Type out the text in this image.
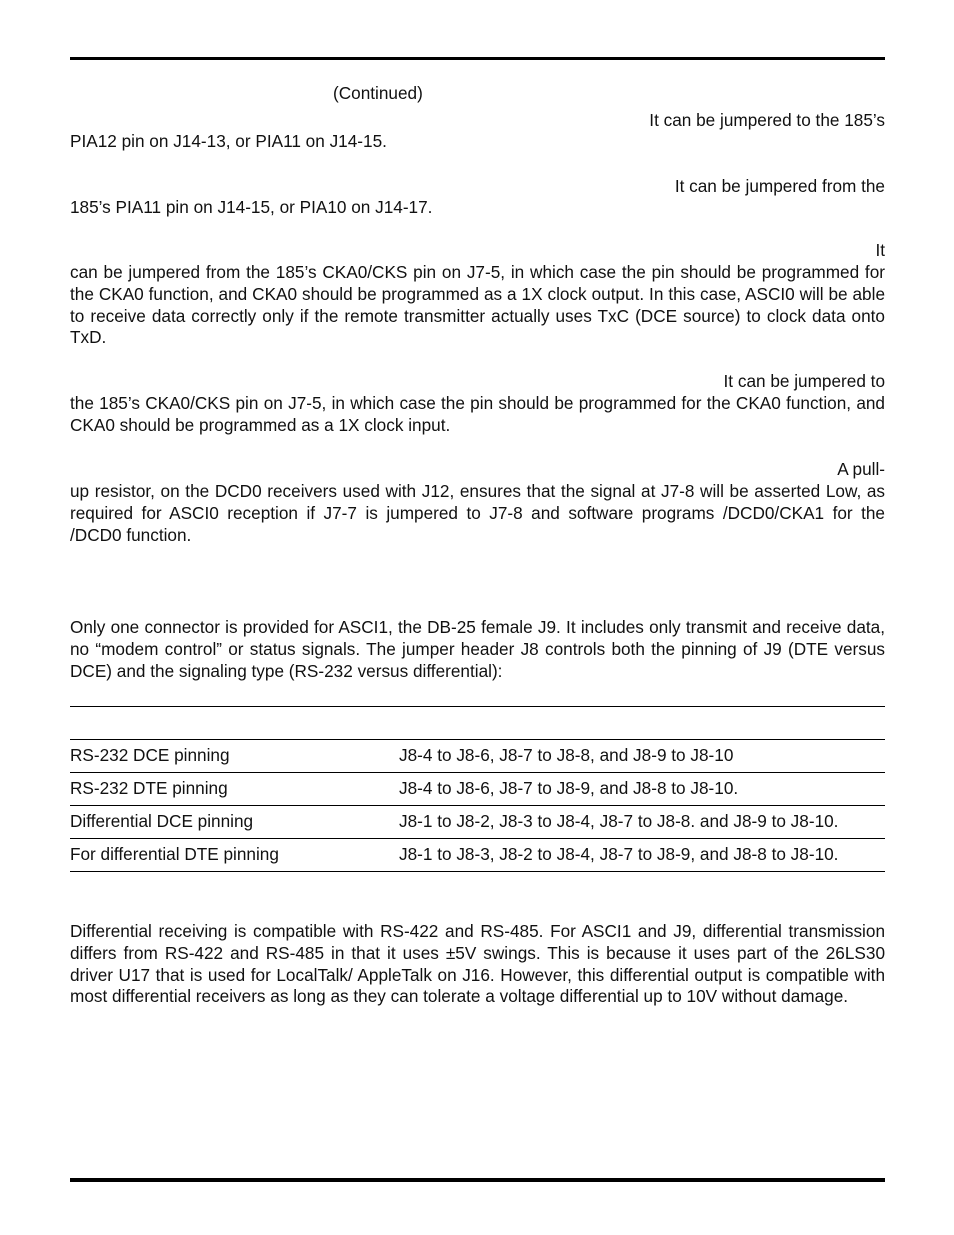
(Continued)
It can be jumpered to the 185’s
PIA12 pin on J14-13, or PIA11 on J14-15.
It can be jumpered from the
185’s PIA11 pin on J14-15, or PIA10 on J14-17.
It
can be jumpered from the 185’s CKA0/CKS pin on J7-5, in which case the pin should be programmed for the CKA0 function, and CKA0 should be programmed as a 1X clock output. In this case, ASCI0 will be able to receive data correctly only if the remote transmitter actually uses TxC (DCE source) to clock data onto TxD.
It can be jumpered to
the 185’s CKA0/CKS pin on J7-5, in which case the pin should be programmed for the CKA0 function, and CKA0 should be programmed as a 1X clock input.
A pull-
up resistor, on the DCD0 receivers used with J12, ensures that the signal at J7-8 will be asserted Low, as required for ASCI0 reception if J7-7 is jumpered to J7-8 and software programs /DCD0/CKA1 for the /DCD0 function.
Only one connector is provided for ASCI1, the DB-25 female J9. It includes only transmit and receive data, no “modem control” or status signals. The jumper header J8 controls both the pinning of J9 (DTE versus DCE) and the signaling type (RS-232 versus differential):
RS-232 DCE pinning	J8-4 to J8-6, J8-7 to J8-8, and J8-9 to J8-10
RS-232 DTE pinning	J8-4 to J8-6, J8-7 to J8-9, and J8-8 to J8-10.
Differential DCE pinning	J8-1 to J8-2, J8-3 to J8-4, J8-7 to J8-8. and J8-9 to J8-10.
For differential DTE pinning	J8-1 to J8-3, J8-2 to J8-4, J8-7 to J8-9, and J8-8 to J8-10.
Differential receiving is compatible with RS-422 and RS-485. For ASCI1 and J9, differential transmission differs from RS-422 and RS-485 in that it uses ±5V swings. This is because it uses part of the 26LS30 driver U17 that is used for LocalTalk/ AppleTalk on J16. However, this differential output is compatible with most differential receivers as long as they can tolerate a voltage differential up to 10V without damage.
